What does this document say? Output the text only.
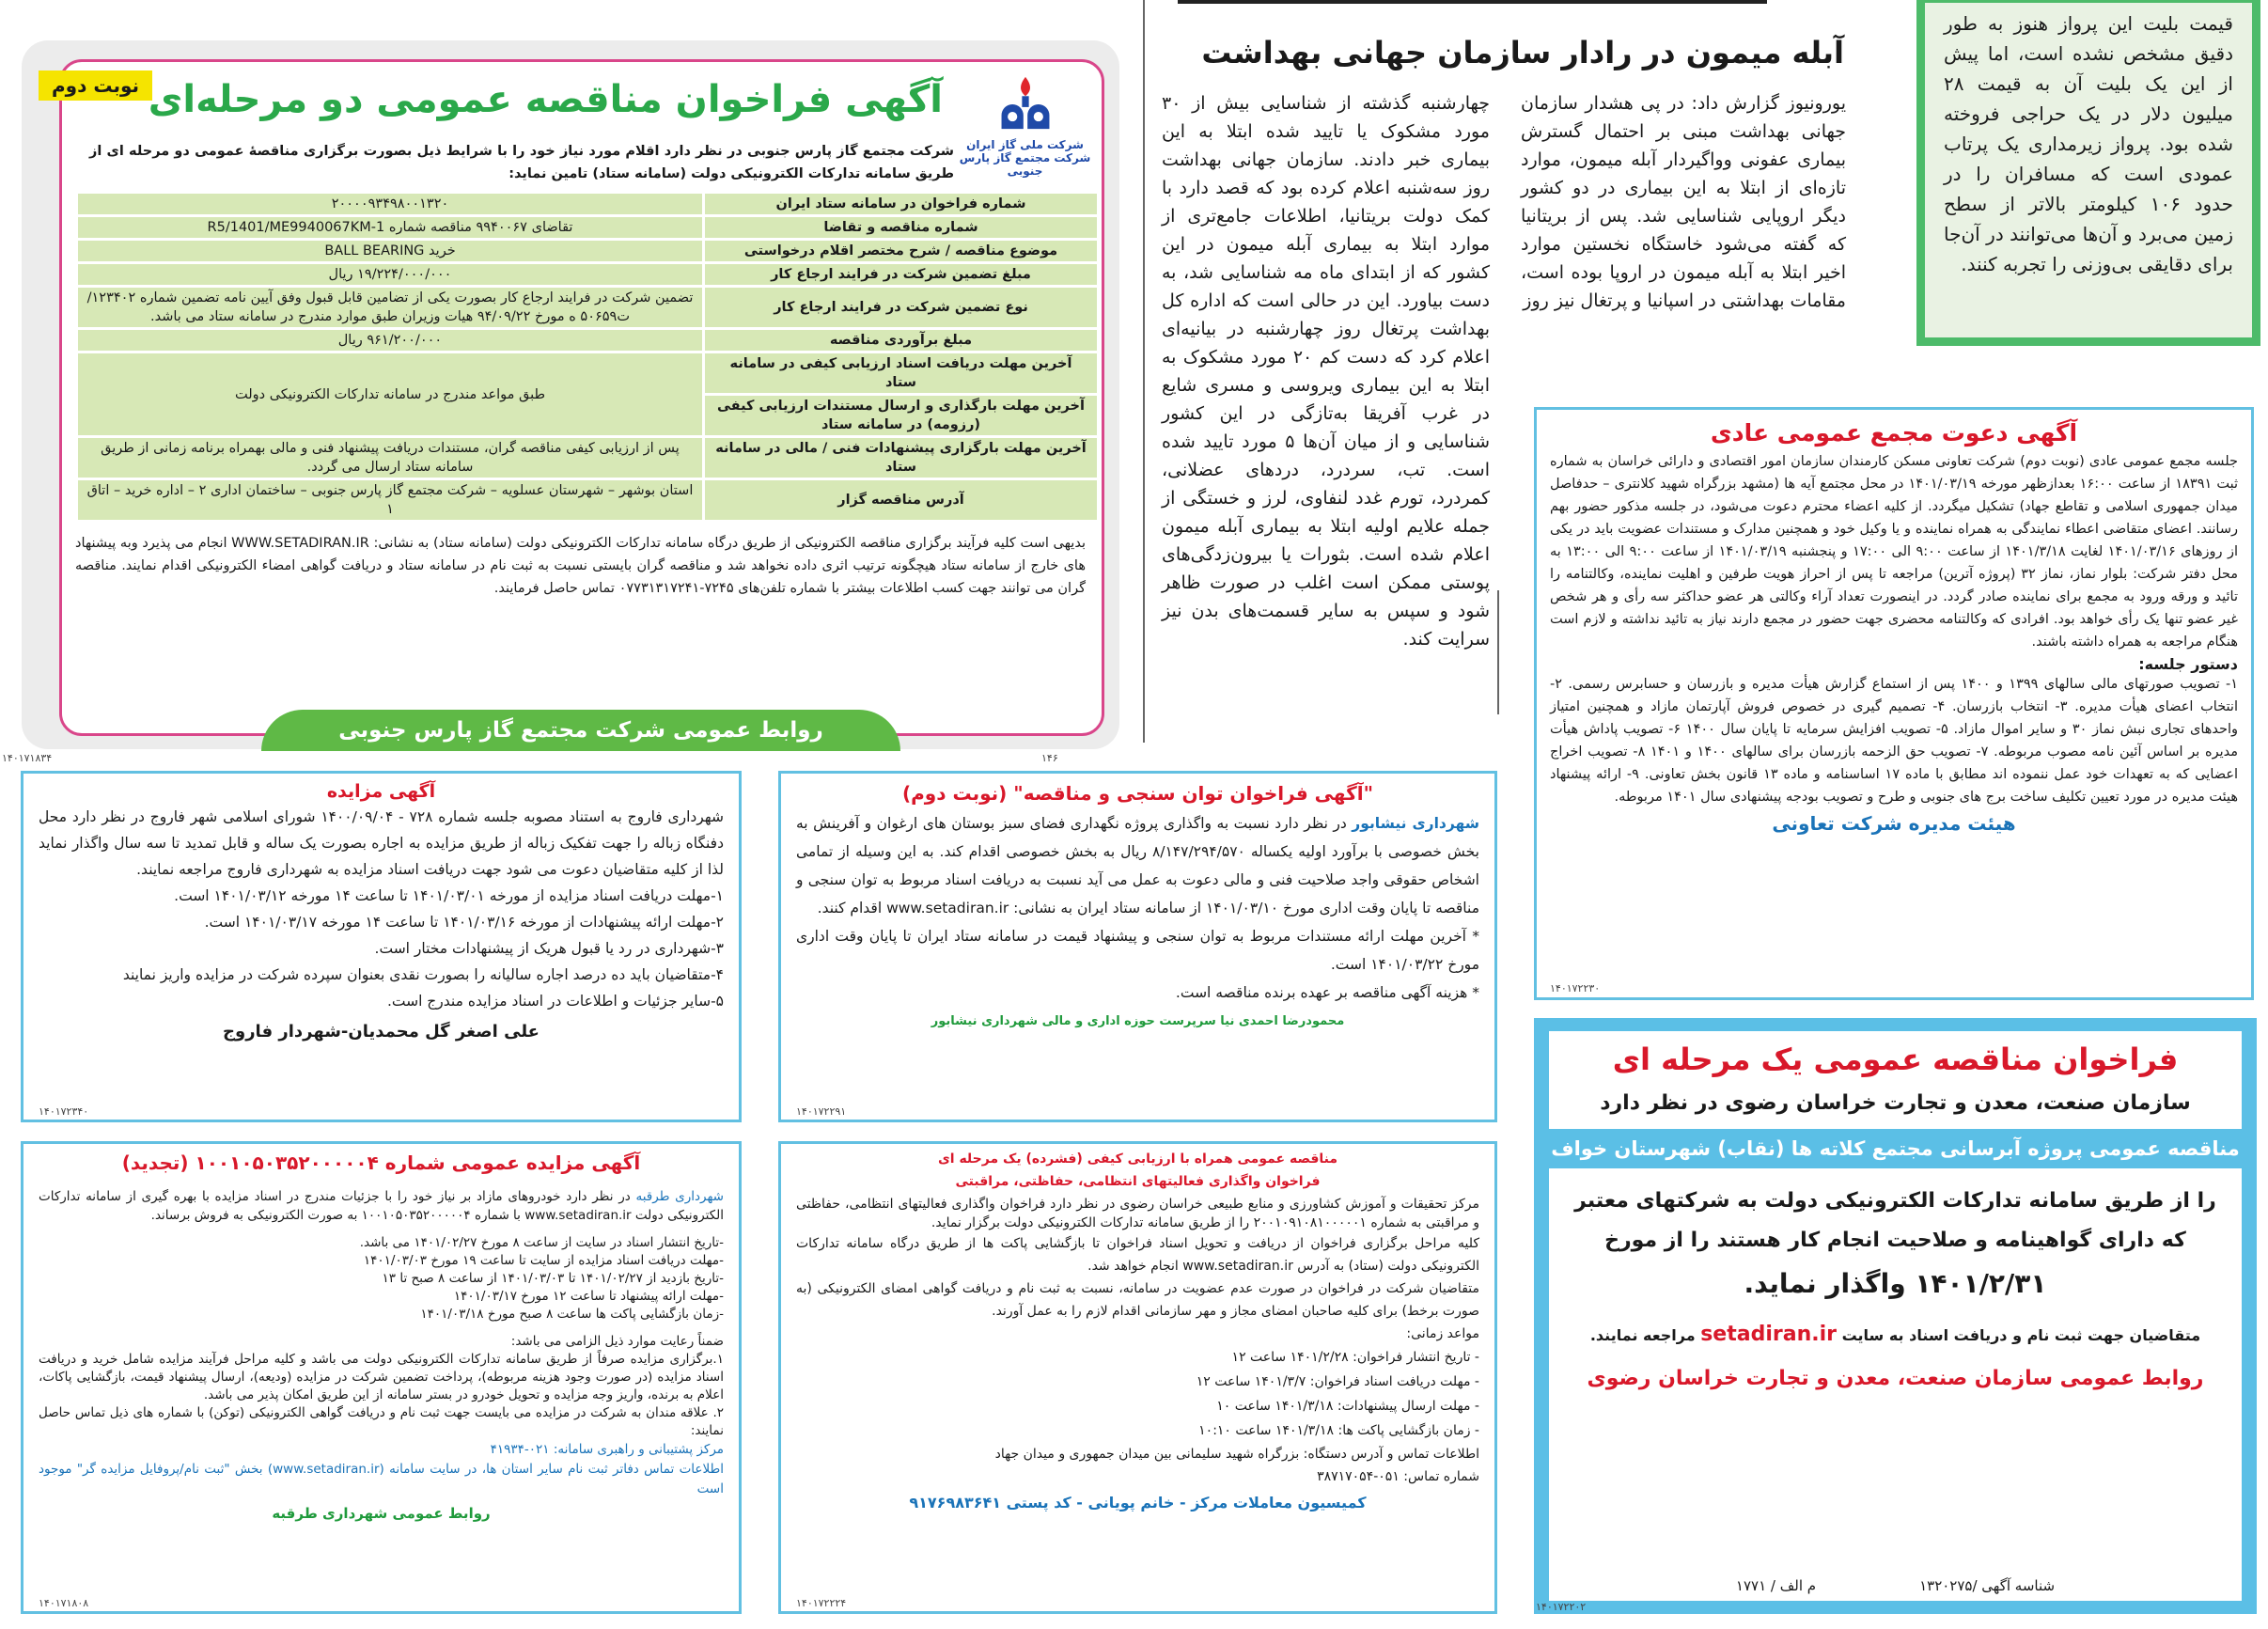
نوبت دوم آگهی فراخوان مناقصه عمومی دو مرحله‌ای
شرکت ملی گاز ایران
شرکت مجتمع گاز پارس جنوبی
شرکت مجتمع گاز پارس جنوبی در نظر دارد اقلام مورد نیاز خود را با شرایط ذیل بصورت برگزاری مناقصهٔ عمومی دو مرحله ای از طریق سامانه تدارکات الکترونیکی دولت (سامانه ستاد) تامین نماید:
شماره فراخوان در سامانه ستاد ایران	۲۰۰۰۰۹۳۴۹۸۰۰۱۳۲۰
شماره مناقصه و تقاضا	تقاضای ۹۹۴۰۰۶۷ مناقصه شماره R5/1401/ME9940067KM-1
موضوع مناقصه / شرح مختصر اقلام درخواستی	خرید BALL BEARING
مبلغ تضمین شرکت در فرایند ارجاع کار	۱۹/۲۲۴/۰۰۰/۰۰۰ ریال
نوع تضمین شرکت در فرایند ارجاع کار	تضمین شرکت در فرایند ارجاع کار بصورت یکی از تضامین قابل قبول وفق آیین نامه تضمین شماره ۱۲۳۴۰۲/ت۵۰۶۵۹ ه مورخ ۹۴/۰۹/۲۲ هیات وزیران طبق موارد مندرج در سامانه ستاد می باشد.
مبلغ برآوردی مناقصه	۹۶۱/۲۰۰/۰۰۰ ریال
آخرین مهلت دریافت اسناد ارزیابی کیفی در سامانه ستاد	طبق مواعد مندرج در سامانه تدارکات الکترونیکی دولت
آخرین مهلت بارگذاری و ارسال مستندات ارزیابی کیفی (رزومه) در سامانه ستاد	
آخرین مهلت بارگزاری پیشنهادات فنی / مالی در سامانه ستاد	پس از ارزیابی کیفی مناقصه گران، مستندات دریافت پیشنهاد فنی و مالی بهمراه برنامه زمانی از طریق سامانه ستاد ارسال می گردد.
آدرس مناقصه گزار	استان بوشهر – شهرستان عسلویه – شرکت مجتمع گاز پارس جنوبی – ساختمان اداری ۲ – اداره خرید – اتاق ۱
بدیهی است کلیه فرآیند برگزاری مناقصه الکترونیکی از طریق درگاه سامانه تدارکات الکترونیکی دولت (سامانه ستاد) به نشانی: WWW.SETADIRAN.IR انجام می پذیرد وبه پیشنهاد های خارج از سامانه ستاد هیچگونه ترتیب اثری داده نخواهد شد و مناقصه گران بایستی نسبت به ثبت نام در سامانه ستاد و دریافت گواهی امضاء الکترونیکی اقدام نمایند. مناقصه گران می توانند جهت کسب اطلاعات بیشتر با شماره تلفن‌های ۷۲۴۵-۰۷۷۳۱۳۱۷۲۴۱ تماس حاصل فرمایند.
روابط عمومی شرکت مجتمع گاز پارس جنوبی
۱۴۰۱۷۱۸۳۴	۱۴۶
آبله میمون در رادار سازمان جهانی بهداشت
یورونیوز گزارش داد: در پی هشدار سازمان جهانی بهداشت مبنی بر احتمال گسترش بیماری عفونی وواگیردار آبله میمون، موارد تازه‌ای از ابتلا به این بیماری در دو کشور دیگر اروپایی شناسایی شد. پس از بریتانیا که گفته می‌شود خاستگاه نخستین موارد اخیر ابتلا به آبله میمون در اروپا بوده است، مقامات بهداشتی در اسپانیا و پرتغال نیز روز
چهارشنبه گذشته از شناسایی بیش از ۳۰ مورد مشکوک یا تایید شده ابتلا به این بیماری خبر دادند. سازمان جهانی بهداشت روز سه‌شنبه اعلام کرده بود که قصد دارد با کمک دولت بریتانیا، اطلاعات جامع‌تری از موارد ابتلا به بیماری آبله میمون در این کشور که از ابتدای ماه مه شناسایی شد، به دست بیاورد. این در حالی است که اداره کل بهداشت پرتغال روز چهارشنبه در بیانیه‌ای اعلام کرد که دست کم ۲۰ مورد مشکوک به ابتلا به این بیماری ویروسی و مسری شایع در غرب آفریقا به‌تازگی در این کشور شناسایی و از میان آن‌ها ۵ مورد تایید شده است. تب، سردرد، دردهای عضلانی، کمردرد، تورم غدد لنفاوی، لرز و خستگی از جمله علایم اولیه ابتلا به بیماری آبله میمون اعلام شده است. بثورات یا بیرون‌زدگی‌های پوستی ممکن است اغلب در صورت ظاهر شود و سپس به سایر قسمت‌های بدن نیز سرایت کند.
قیمت بلیت این پرواز هنوز به طور دقیق مشخص نشده است، اما پیش از این یک بلیت آن به قیمت ۲۸ میلیون دلار در یک حراجی فروخته شده بود. پرواز زیرمداری یک پرتاب عمودی است که مسافران را در حدود ۱۰۶ کیلومتر بالاتر از سطح زمین می‌برد و آن‌ها می‌توانند در آن‌جا برای دقایقی بی‌وزنی را تجربه کنند.
آگهی دعوت مجمع عمومی عادی
جلسه مجمع عمومی عادی (نوبت دوم) شرکت تعاونی مسکن کارمندان سازمان امور اقتصادی و دارائی خراسان به شماره ثبت ۱۸۳۹۱ از ساعت ۱۶:۰۰ بعدازظهر مورخه ۱۴۰۱/۰۳/۱۹ در محل مجتمع آیه ها (مشهد بزرگراه شهید کلانتری – حدفاصل میدان جمهوری اسلامی و تقاطع جهاد) تشکیل میگردد. از کلیه اعضاء محترم دعوت می‌شود، در جلسه مذکور حضور بهم رسانند. اعضای متقاضی اعطاء نمایندگی به همراه نماینده و یا وکیل خود و همچنین مدارک و مستندات عضویت باید در یکی از روزهای ۱۴۰۱/۰۳/۱۶ لغایت ۱۴۰۱/۳/۱۸ از ساعت ۹:۰۰ الی ۱۷:۰۰ و پنجشنبه ۱۴۰۱/۰۳/۱۹ از ساعت ۹:۰۰ الی ۱۳:۰۰ به محل دفتر شرکت: بلوار نماز، نماز ۳۲ (پروژه آترین) مراجعه تا پس از احراز هویت طرفین و اهلیت نماینده، وکالتنامه را تائید و ورقه ورود به مجمع برای نماینده صادر گردد. در اینصورت تعداد آراء وکالتی هر عضو حداکثر سه رأی و هر شخص غیر عضو تنها یک رأی خواهد بود. افرادی که وکالتنامه محضری جهت حضور در مجمع دارند نیاز به تائید نداشته و لازم است هنگام مراجعه به همراه داشته باشند.
دستور جلسه:
۱- تصویب صورتهای مالی سالهای ۱۳۹۹ و ۱۴۰۰ پس از استماع گزارش هیأت مدیره و بازرسان و حسابرس رسمی. ۲- انتخاب اعضای هیأت مدیره. ۳- انتخاب بازرسان. ۴- تصمیم گیری در خصوص فروش آپارتمان مازاد و همچنین امتیاز واحدهای تجاری نبش نماز ۳۰ و سایر اموال مازاد. ۵- تصویب افزایش سرمایه تا پایان سال ۱۴۰۰ ۶- تصویب پاداش هیأت مدیره بر اساس آئین نامه مصوب مربوطه. ۷- تصویب حق الزحمه بازرسان برای سالهای ۱۴۰۰ و ۱۴۰۱ ۸- تصویب اخراج اعضایی که به تعهدات خود عمل ننموده اند مطابق با ماده ۱۷ اساسنامه و ماده ۱۳ قانون بخش تعاونی. ۹- ارائه پیشنهاد هیئت مدیره در مورد تعیین تکلیف ساخت برج های جنوبی و طرح و تصویب بودجه پیشنهادی سال ۱۴۰۱ مربوطه.
هیئت مدیره شرکت تعاونی
۱۴۰۱۷۲۲۳۰
فراخوان مناقصه عمومی یک مرحله ای
سازمان صنعت، معدن و تجارت خراسان رضوی در نظر دارد
مناقصه عمومی پروژه آبرسانی مجتمع کلاته ها (نقاب) شهرستان خواف
را از طریق سامانه تدارکات الکترونیکی دولت به شرکتهای معتبر
که دارای گواهینامه و صلاحیت انجام کار هستند را از مورخ
۱۴۰۱/۲/۳۱ واگذار نماید.
متقاضیان جهت ثبت نام و دریافت اسناد به سایت setadiran.ir مراجعه نمایند.
روابط عمومی سازمان صنعت، معدن و تجارت خراسان رضوی
شناسه آگهی /۱۳۲۰۲۷۵
م الف / ۱۷۷۱
۱۴۰۱۷۲۲۰۲
آگهی مزایده
شهرداری فاروج به استناد مصوبه جلسه شماره ۷۲۸ - ۱۴۰۰/۰۹/۰۴ شورای اسلامی شهر فاروج در نظر دارد محل دفنگاه زباله را جهت تفکیک زباله از طریق مزایده به اجاره بصورت یک ساله و قابل تمدید تا سه سال واگذار نماید لذا از کلیه متقاضیان دعوت می شود جهت دریافت اسناد مزایده به شهرداری فاروج مراجعه نمایند.
۱-مهلت دریافت اسناد مزایده از مورخه ۱۴۰۱/۰۳/۰۱ تا ساعت ۱۴ مورخه ۱۴۰۱/۰۳/۱۲ است.
۲-مهلت ارائه پیشنهادات از مورخه ۱۴۰۱/۰۳/۱۶ تا ساعت ۱۴ مورخه ۱۴۰۱/۰۳/۱۷ است.
۳-شهرداری در رد یا قبول هریک از پیشنهادات مختار است.
۴-متقاضیان باید ده درصد اجاره سالیانه را بصورت نقدی بعنوان سپرده شرکت در مزایده واریز نمایند
۵-سایر جزئیات و اطلاعات در اسناد مزایده مندرج است.
علی اصغر گل محمدیان-شهردار فاروج
۱۴۰۱۷۲۳۴۰
"آگهی فراخوان توان سنجی و مناقصه" (نوبت دوم)
شهرداری نیشابور در نظر دارد نسبت به واگذاری پروژه نگهداری فضای سبز بوستان های ارغوان و آفرینش به بخش خصوصی با برآورد اولیه یکساله ۸/۱۴۷/۲۹۴/۵۷۰ ریال به بخش خصوصی اقدام کند. به این وسیله از تمامی اشخاص حقوقی واجد صلاحیت فنی و مالی دعوت به عمل می آید نسبت به دریافت اسناد مربوط به توان سنجی و مناقصه تا پایان وقت اداری مورخ ۱۴۰۱/۰۳/۱۰ از سامانه ستاد ایران به نشانی: www.setadiran.ir اقدام کنند.
* آخرین مهلت ارائه مستندات مربوط به توان سنجی و پیشنهاد قیمت در سامانه ستاد ایران تا پایان وقت اداری مورخ ۱۴۰۱/۰۳/۲۲ است.
* هزینه آگهی مناقصه بر عهده برنده مناقصه است.
محمودرضا احمدی نیا سرپرست حوزه اداری و مالی شهرداری نیشابور
۱۴۰۱۷۲۲۹۱
آگهی مزایده عمومی شماره ۱۰۰۱۰۵۰۳۵۲۰۰۰۰۰۴ (تجدید)
شهرداری طرقبه در نظر دارد خودروهای مازاد بر نیاز خود را با جزئیات مندرج در اسناد مزایده با بهره گیری از سامانه تدارکات الکترونیکی دولت www.setadiran.ir با شماره ۱۰۰۱۰۵۰۳۵۲۰۰۰۰۰۴ به صورت الکترونیکی به فروش برساند.
-تاریخ انتشار اسناد در سایت از ساعت ۸ مورخ ۱۴۰۱/۰۲/۲۷ می باشد.
-مهلت دریافت اسناد مزایده از سایت تا ساعت ۱۹ مورخ ۱۴۰۱/۰۳/۰۳
-تاریخ بازدید از ۱۴۰۱/۰۲/۲۷ تا ۱۴۰۱/۰۳/۰۳ از ساعت ۸ صبح تا ۱۳
-مهلت ارائه پیشنهاد تا ساعت ۱۲ مورخ ۱۴۰۱/۰۳/۱۷
-زمان بازگشایی پاکت ها ساعت ۸ صبح مورخ ۱۴۰۱/۰۳/۱۸
ضمناً رعایت موارد ذیل الزامی می باشد:
۱.برگزاری مزایده صرفاً از طریق سامانه تدارکات الکترونیکی دولت می باشد و کلیه مراحل فرآیند مزایده شامل خرید و دریافت اسناد مزایده (در صورت وجود هزینه مربوطه)، پرداخت تضمین شرکت در مزایده (ودیعه)، ارسال پیشنهاد قیمت، بازگشایی پاکات، اعلام به برنده، واریز وجه مزایده و تحویل خودرو در بستر سامانه از این طریق امکان پذیر می باشد.
۲. علاقه مندان به شرکت در مزایده می بایست جهت ثبت نام و دریافت گواهی الکترونیکی (توکن) با شماره های ذیل تماس حاصل نمایند:
مرکز پشتیبانی و راهبری سامانه: ۰۲۱-۴۱۹۳۴
اطلاعات تماس دفاتر ثبت نام سایر استان ها، در سایت سامانه (www.setadiran.ir) بخش "ثبت نام/پروفایل مزایده گر" موجود است
روابط عمومی شهرداری طرقبه
۱۴۰۱۷۱۸۰۸
مناقصه عمومی همراه با ارزیابی کیفی (فشرده) یک مرحله ای
فراخوان واگذاری فعالیتهای انتظامی، حفاظتی، مراقبتی
مرکز تحقیقات و آموزش کشاورزی و منابع طبیعی خراسان رضوی در نظر دارد فراخوان واگذاری فعالیتهای انتظامی، حفاظتی و مراقبتی به شماره ۲۰۰۱۰۹۱۰۸۱۰۰۰۰۰۱ را از طریق سامانه تدارکات الکترونیکی دولت برگزار نماید.
کلیه مراحل برگزاری فراخوان از دریافت و تحویل اسناد فراخوان تا بازگشایی پاکت ها از طریق درگاه سامانه تدارکات الکترونیکی دولت (ستاد) به آدرس www.setadiran.ir انجام خواهد شد.
متقاضیان شرکت در فراخوان در صورت عدم عضویت در سامانه، نسبت به ثبت نام و دریافت گواهی امضای الکترونیکی (به صورت برخط) برای کلیه صاحبان امضای مجاز و مهر سازمانی اقدام لازم را به عمل آورند.
مواعد زمانی:
- تاریخ انتشار فراخوان: ۱۴۰۱/۲/۲۸ ساعت ۱۲
- مهلت دریافت اسناد فراخوان: ۱۴۰۱/۳/۷ ساعت ۱۲
- مهلت ارسال پیشنهادات: ۱۴۰۱/۳/۱۸ ساعت ۱۰
- زمان بازگشایی پاکت ها: ۱۴۰۱/۳/۱۸ ساعت ۱۰:۱۰
اطلاعات تماس و آدرس دستگاه: بزرگراه شهید سلیمانی بین میدان جمهوری و میدان جهاد
شماره تماس: ۰۵۱-۳۸۷۱۷۰۵۴
کمیسیون معاملات مرکز - خانم پویانی - کد پستی ۹۱۷۶۹۸۳۶۴۱
۱۴۰۱۷۲۲۲۴
